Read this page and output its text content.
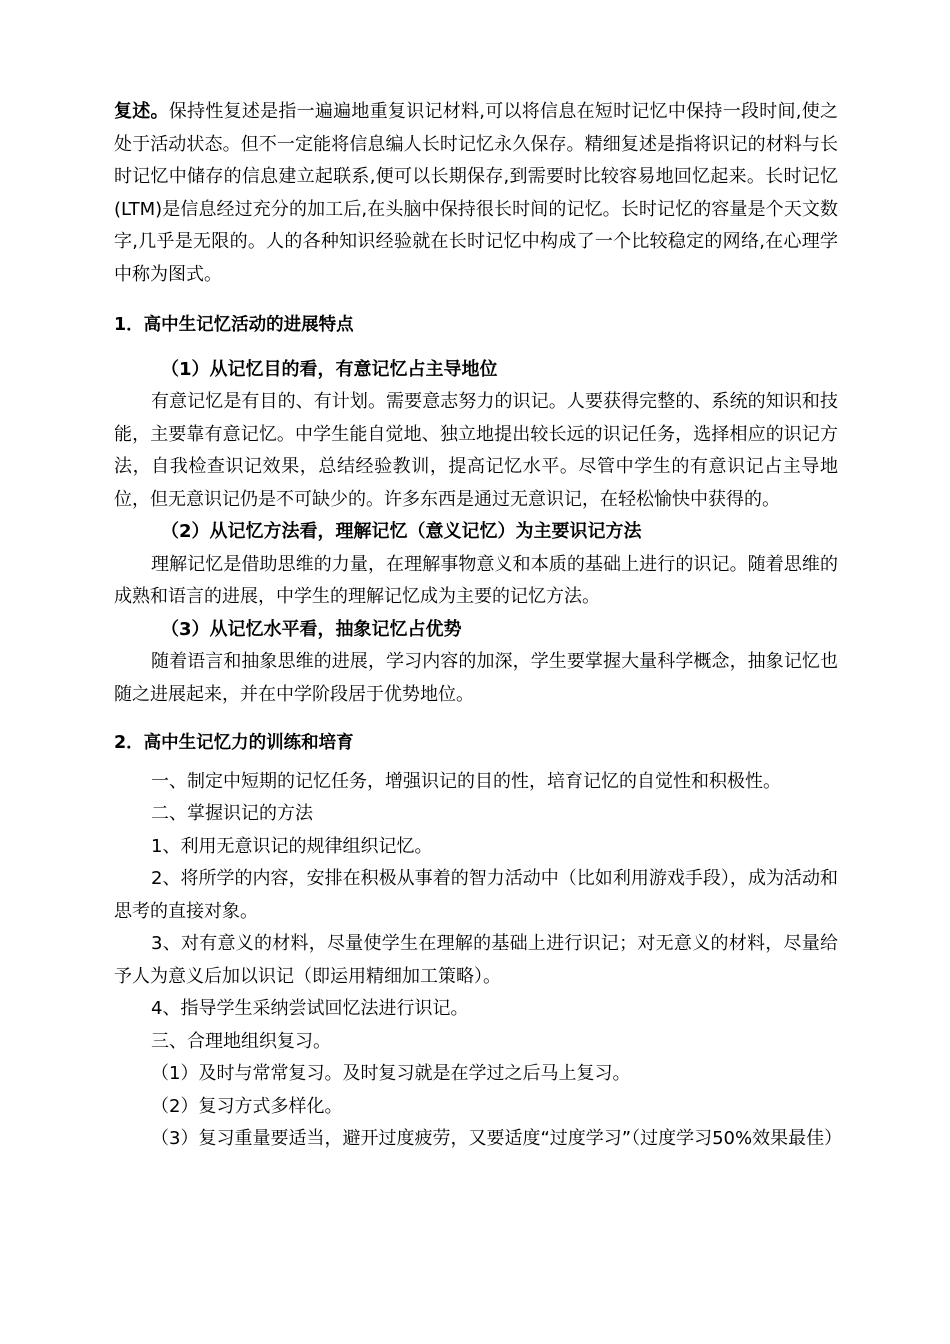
复述。保持性复述是指一遍遍地重复识记材料,可以将信息在短时记忆中保持一段时间,使之处于活动状态。但不一定能将信息编人长时记忆永久保存。精细复述是指将识记的材料与长时记忆中储存的信息建立起联系,便可以长期保存,到需要时比较容易地回忆起来。长时记忆(LTM)是信息经过充分的加工后,在头脑中保持很长时间的记忆。长时记忆的容量是个天文数字,几乎是无限的。人的各种知识经验就在长时记忆中构成了一个比较稳定的网络,在心理学中称为图式。

1．高中生记忆活动的进展特点

（1）从记忆目的看，有意记忆占主导地位

有意记忆是有目的、有计划。需要意志努力的识记。人要获得完整的、系统的知识和技能，主要靠有意记忆。中学生能自觉地、独立地提出较长远的识记任务，选择相应的识记方法，自我检查识记效果，总结经验教训，提高记忆水平。尽管中学生的有意识记占主导地位，但无意识记仍是不可缺少的。许多东西是通过无意识记，在轻松愉快中获得的。

（2）从记忆方法看，理解记忆（意义记忆）为主要识记方法

理解记忆是借助思维的力量，在理解事物意义和本质的基础上进行的识记。随着思维的成熟和语言的进展，中学生的理解记忆成为主要的记忆方法。

（3）从记忆水平看，抽象记忆占优势

随着语言和抽象思维的进展，学习内容的加深，学生要掌握大量科学概念，抽象记忆也随之进展起来，并在中学阶段居于优势地位。

2．高中生记忆力的训练和培育

一、制定中短期的记忆任务，增强识记的目的性，培育记忆的自觉性和积极性。

二、掌握识记的方法

1、利用无意识记的规律组织记忆。

2、将所学的内容，安排在积极从事着的智力活动中（比如利用游戏手段），成为活动和思考的直接对象。

3、对有意义的材料，尽量使学生在理解的基础上进行识记；对无意义的材料，尽量给予人为意义后加以识记（即运用精细加工策略）。

4、指导学生采纳尝试回忆法进行识记。

三、合理地组织复习。

（1）及时与常常复习。及时复习就是在学过之后马上复习。

（2）复习方式多样化。

（3）复习重量要适当，避开过度疲劳，又要适度“过度学习”（过度学习50%效果最佳）
